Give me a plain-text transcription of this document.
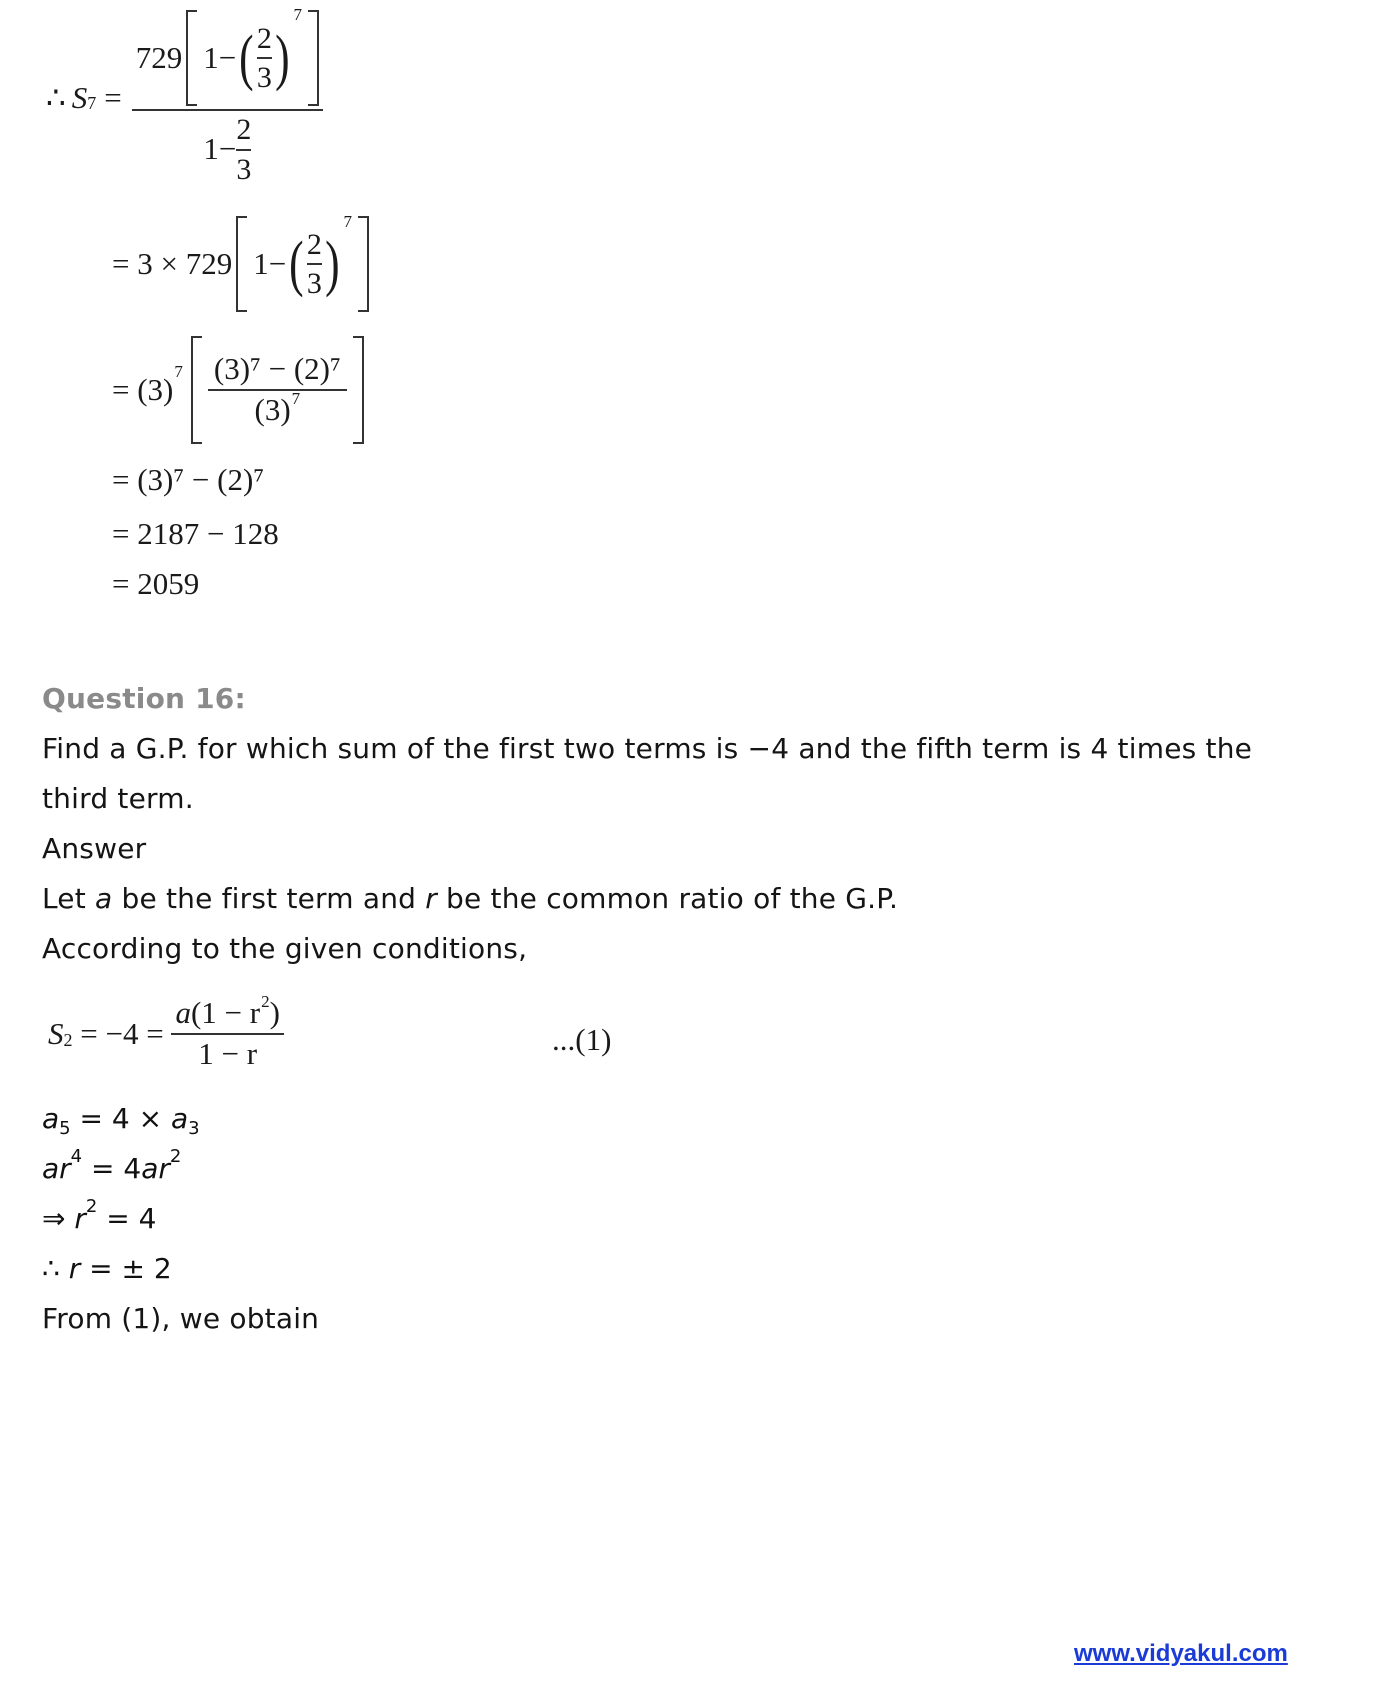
∴ $S_7$ =
729 1 − ( $\frac{2}{3}$ )
$^7$
$1 - \frac{2}{3}$
= 3 × 729 1 − ( $\frac{2}{3}$ )
$^7$
= (3)
$^7 \frac{\text{(3)⁷ − (2)⁷}}{(3)^7}$
= (3)⁷ − (2)⁷
= 2187 − 128
= 2059
Question 16:
Find a G.P. for which sum of the first two terms is −4 and the fifth term is 4 times the
third term.
Answer
Let a be the first term and r be the common ratio of the G.P.
According to the given conditions,
$S_2 = -4 = \frac{a(1 - r^2)}{1 - r}$	...(1)
$a_5 = 4 \times a_3$
$ar^4 = 4ar^2$
⇒ $r^2 = 4$
∴ r = ± 2
From (1), we obtain
www.vidyakul.com
